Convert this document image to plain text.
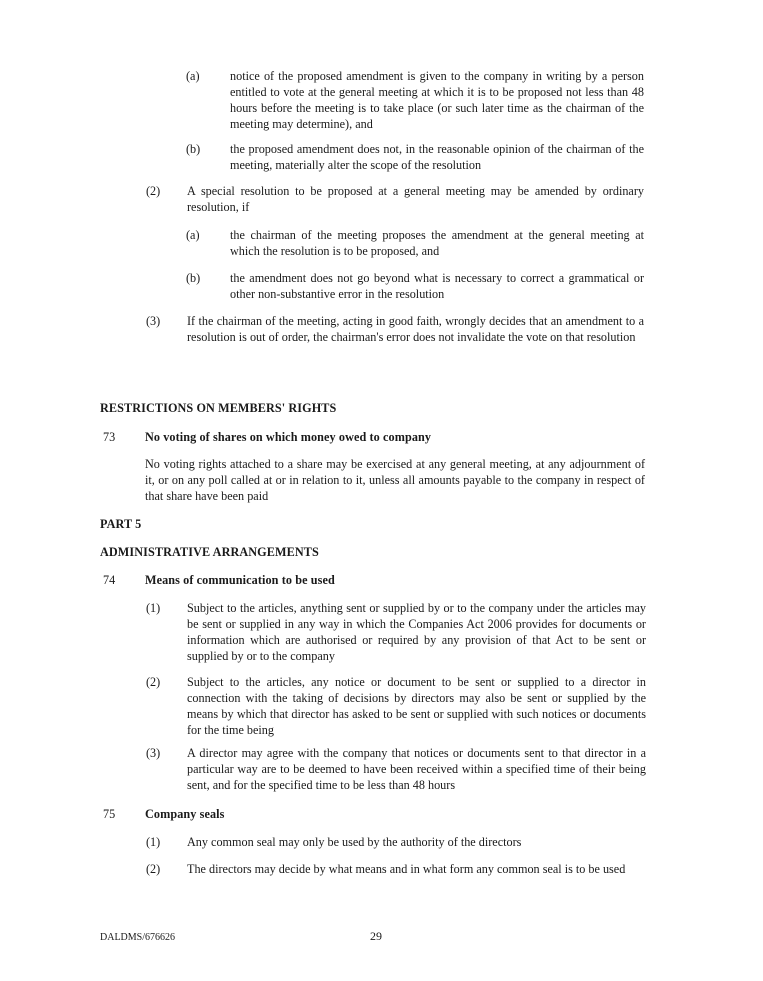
(a) notice of the proposed amendment is given to the company in writing by a person entitled to vote at the general meeting at which it is to be proposed not less than 48 hours before the meeting is to take place (or such later time as the chairman of the meeting may determine), and
(b) the proposed amendment does not, in the reasonable opinion of the chairman of the meeting, materially alter the scope of the resolution
(2) A special resolution to be proposed at a general meeting may be amended by ordinary resolution, if
(a) the chairman of the meeting proposes the amendment at the general meeting at which the resolution is to be proposed, and
(b) the amendment does not go beyond what is necessary to correct a grammatical or other non-substantive error in the resolution
(3) If the chairman of the meeting, acting in good faith, wrongly decides that an amendment to a resolution is out of order, the chairman's error does not invalidate the vote on that resolution
RESTRICTIONS ON MEMBERS' RIGHTS
73 No voting of shares on which money owed to company
No voting rights attached to a share may be exercised at any general meeting, at any adjournment of it, or on any poll called at or in relation to it, unless all amounts payable to the company in respect of that share have been paid
PART 5
ADMINISTRATIVE ARRANGEMENTS
74 Means of communication to be used
(1) Subject to the articles, anything sent or supplied by or to the company under the articles may be sent or supplied in any way in which the Companies Act 2006 provides for documents or information which are authorised or required by any provision of that Act to be sent or supplied by or to the company
(2) Subject to the articles, any notice or document to be sent or supplied to a director in connection with the taking of decisions by directors may also be sent or supplied by the means by which that director has asked to be sent or supplied with such notices or documents for the time being
(3) A director may agree with the company that notices or documents sent to that director in a particular way are to be deemed to have been received within a specified time of their being sent, and for the specified time to be less than 48 hours
75 Company seals
(1) Any common seal may only be used by the authority of the directors
(2) The directors may decide by what means and in what form any common seal is to be used
DALDMS/676626	29
